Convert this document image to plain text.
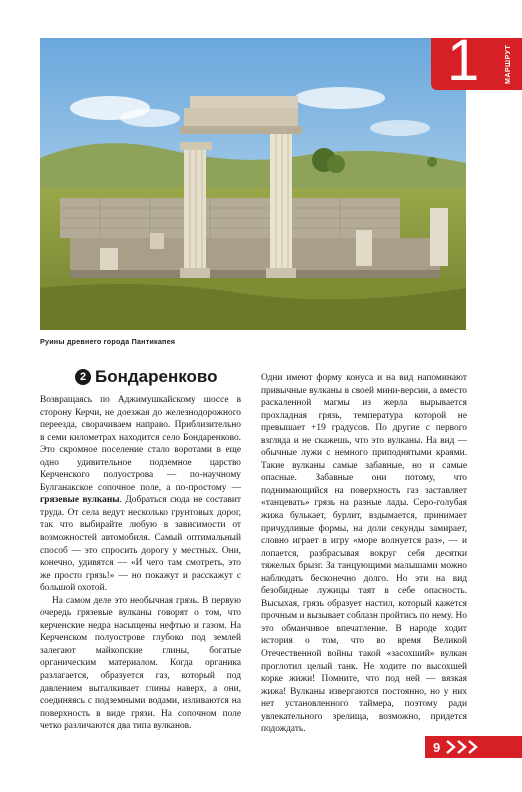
1	МАРШРУТ
Руины древнего города Пантикапея
2 Бондаренково

Возвращаясь по Аджимушкайскому шоссе в сторону Керчи, не доезжая до железнодорожного переезда, сворачиваем направо. Приблизительно в семи километрах находится село Бондаренково. Это скромное поселение стало воротами в еще одно удивительное подземное царство Керченского полуострова — по-научному Булганакское сопочное поле, а по-простому — грязевые вулканы. Добраться сюда не составит труда. От села ведут несколько грунтовых дорог, так что выбирайте любую в зависимости от возможностей автомобиля. Самый оптимальный способ — это спросить дорогу у местных. Они, конечно, удивятся — «И чего там смотреть, это же просто грязь!» — но покажут и расскажут с большой охотой.

На самом деле это необычная грязь. В первую очередь грязевые вулканы говорят о том, что керченские недра насыщены нефтью и газом. На Керченском полуострове глубоко под землей залегают майкопские глины, богатые органическим материалом. Когда органика разлагается, образуется газ, который под давлением выталкивает глины наверх, а они, соединяясь с подземными водами, изливаются на поверхность в виде грязи. На сопочном поле четко различаются два типа вулканов.

Одни имеют форму конуса и на вид напоминают привычные вулканы в своей мини-версии, а вместо раскаленной магмы из жерла вырывается прохладная грязь, температура которой не превышает +19 градусов. По другие с первого взгляда и не скажешь, что это вулканы. На вид — обычные лужи с немного приподнятыми краями. Такие вулканы самые забавные, но и самые опасные. Забавные они потому, что поднимающийся на поверхность газ заставляет «танцевать» грязь на разные лады. Серо-голубая жижа булькает, бурлит, вздымается, принимает причудливые формы, на доли секунды замирает, словно играет в игру «море волнуется раз», — и лопается, разбрасывая вокруг себя десятки тяжелых брызг. За танцующими малышами можно наблюдать бесконечно долго. Но эти на вид безобидные лужицы таят в себе опасность. Высыхая, грязь образует настил, который кажется прочным и вызывает соблазн пройтись по нему. Но это обманчивое впечатление. В народе ходит история о том, что во время Великой Отечественной войны такой «засохший» вулкан проглотил целый танк. Не ходите по высохшей корке жижи! Помните, что под ней — вязкая жижа! Вулканы извергаются постоянно, но у них нет установленного таймера, поэтому ради увлекательного зрелища, возможно, придется подождать.

9
